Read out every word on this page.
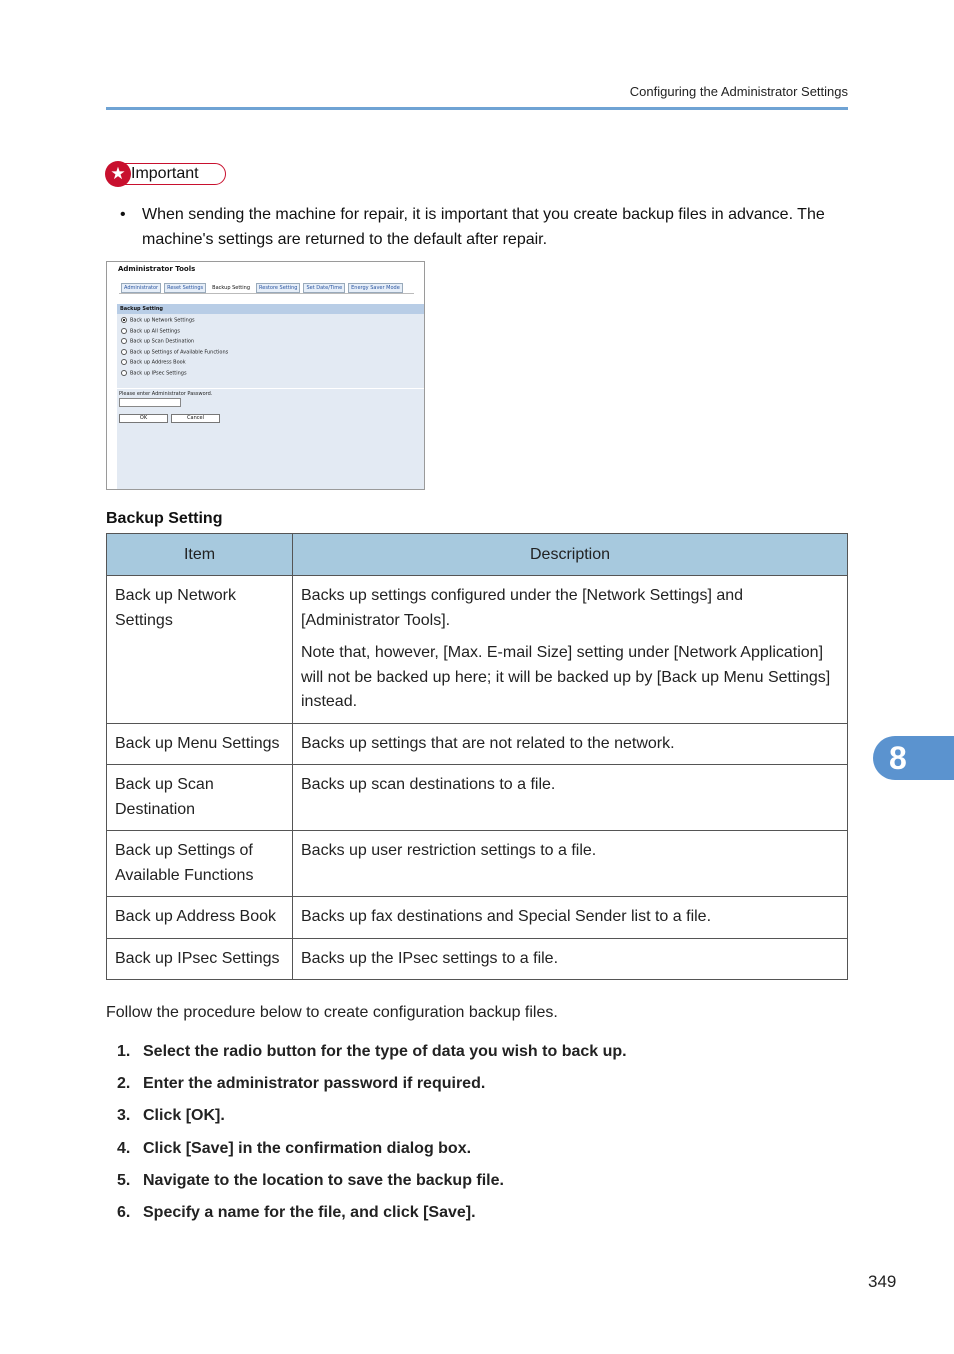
Configuring the Administrator Settings
★ Important
• When sending the machine for repair, it is important that you create backup files in advance. The machine's settings are returned to the default after repair.
Administrator Tools
Administrator	Reset Settings	Backup Setting	Restore Setting	Set Date/Time	Energy Saver Mode
Backup Setting
Back up Network Settings
Back up All Settings
Back up Scan Destination
Back up Settings of Available Functions
Back up Address Book
Back up IPsec Settings
Please enter Administrator Password.
OK	Cancel
Backup Setting
Item	Description
Back up Network Settings	Backs up settings configured under the [Network Settings] and [Administrator Tools].

Note that, however, [Max. E-mail Size] setting under [Network Application] will not be backed up here; it will be backed up by [Back up Menu Settings] instead.

Back up Menu Settings	Backs up settings that are not related to the network.

Back up Scan Destination	Backs up scan destinations to a file.

Back up Settings of Available Functions	Backs up user restriction settings to a file.

Back up Address Book	Backs up fax destinations and Special Sender list to a file.

Back up IPsec Settings	Backs up the IPsec settings to a file.

Follow the procedure below to create configuration backup files.
1. Select the radio button for the type of data you wish to back up.
2. Enter the administrator password if required.
3. Click [OK].
4. Click [Save] in the confirmation dialog box.
5. Navigate to the location to save the backup file.
6. Specify a name for the file, and click [Save].
8
349
